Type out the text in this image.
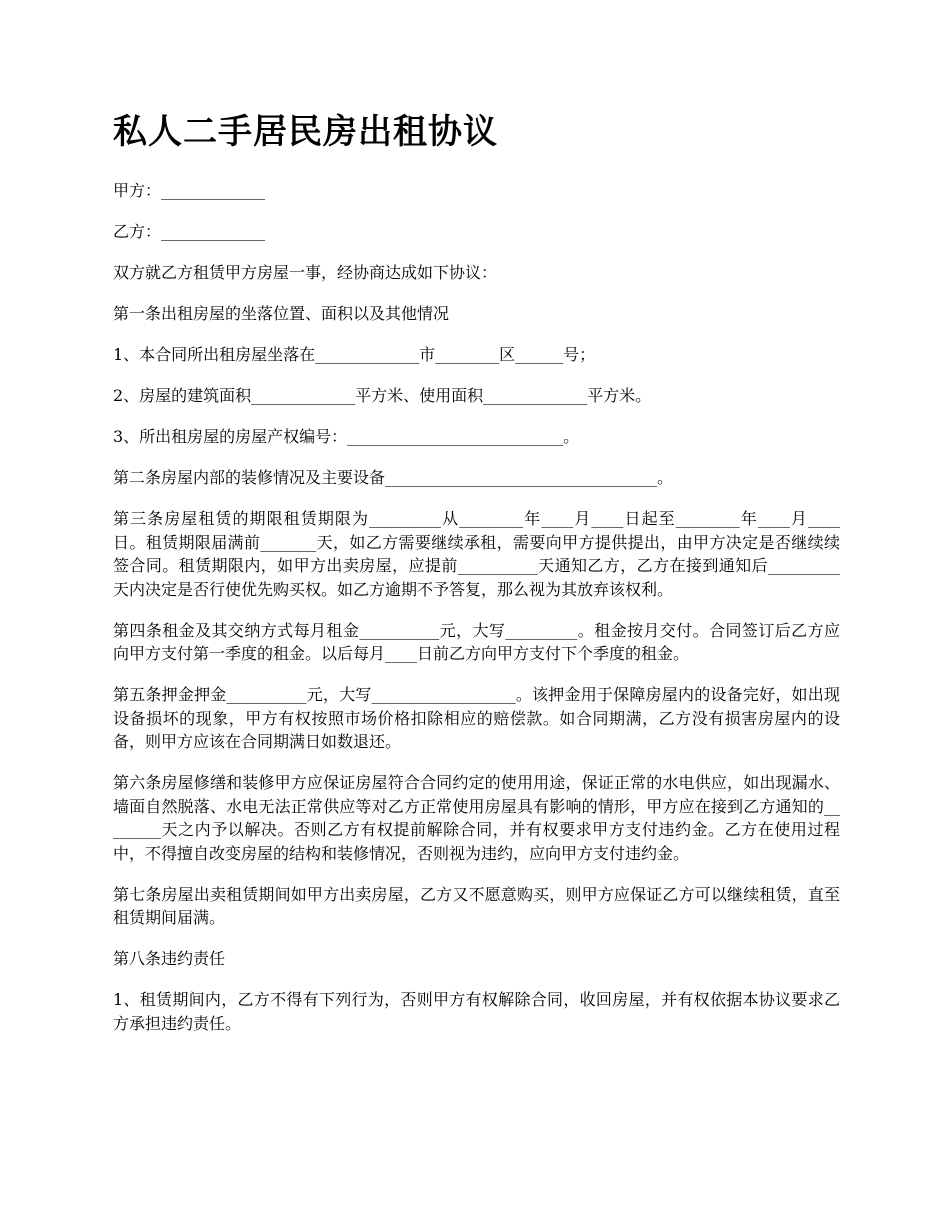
私人二手居民房出租协议

甲方：_____________

乙方：_____________

双方就乙方租赁甲方房屋一事，经协商达成如下协议：

第一条出租房屋的坐落位置、面积以及其他情况

1、本合同所出租房屋坐落在_____________市________区______号；

2、房屋的建筑面积_____________平方米、使用面积_____________平方米。

3、所出租房屋的房屋产权编号：___________________________。

第二条房屋内部的装修情况及主要设备__________________________________。

第三条房屋租赁的期限租赁期限为_________从________年____月____日起至________年____月____日。租赁期限届满前_______天，如乙方需要继续承租，需要向甲方提供提出，由甲方决定是否继续续签合同。租赁期限内，如甲方出卖房屋，应提前__________天通知乙方，乙方在接到通知后_________天内决定是否行使优先购买权。如乙方逾期不予答复，那么视为其放弃该权利。

第四条租金及其交纳方式每月租金__________元，大写_________。租金按月交付。合同签订后乙方应向甲方支付第一季度的租金。以后每月____日前乙方向甲方支付下个季度的租金。

第五条押金押金__________元，大写__________________。该押金用于保障房屋内的设备完好，如出现设备损坏的现象，甲方有权按照市场价格扣除相应的赔偿款。如合同期满，乙方没有损害房屋内的设备，则甲方应该在合同期满日如数退还。

第六条房屋修缮和装修甲方应保证房屋符合合同约定的使用用途，保证正常的水电供应，如出现漏水、墙面自然脱落、水电无法正常供应等对乙方正常使用房屋具有影响的情形，甲方应在接到乙方通知的________天之内予以解决。否则乙方有权提前解除合同，并有权要求甲方支付违约金。乙方在使用过程中，不得擅自改变房屋的结构和装修情况，否则视为违约，应向甲方支付违约金。

第七条房屋出卖租赁期间如甲方出卖房屋，乙方又不愿意购买，则甲方应保证乙方可以继续租赁，直至租赁期间届满。

第八条违约责任

1、租赁期间内，乙方不得有下列行为，否则甲方有权解除合同，收回房屋，并有权依据本协议要求乙方承担违约责任。
